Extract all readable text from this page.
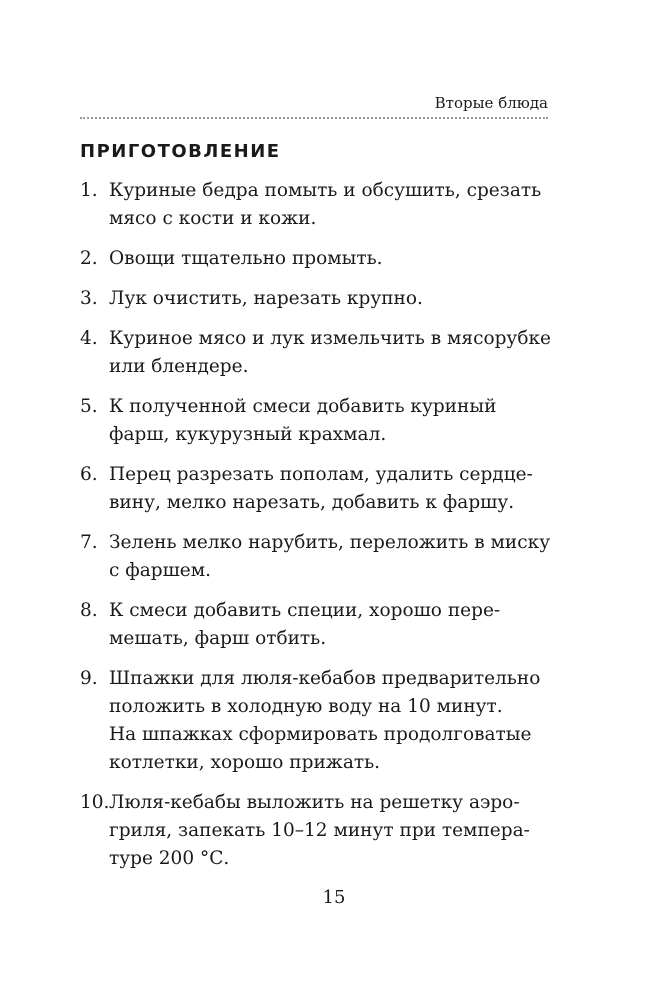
Вторые блюда
ПРИГОТОВЛЕНИЕ
1. Куриные бедра помыть и обсушить, срезать
мясо с кости и кожи.
2. Овощи тщательно промыть.
3. Лук очистить, нарезать крупно.
4. Куриное мясо и лук измельчить в мясорубке
или блендере.
5. К полученной смеси добавить куриный
фарш, кукурузный крахмал.
6. Перец разрезать пополам, удалить сердце-
вину, мелко нарезать, добавить к фаршу.
7. Зелень мелко нарубить, переложить в миску
с фаршем.
8. К смеси добавить специи, хорошо пере-
мешать, фарш отбить.
9. Шпажки для люля-кебабов предварительно
положить в холодную воду на 10 минут.
На шпажках сформировать продолговатые
котлетки, хорошо прижать.
10. Люля-кебабы выложить на решетку аэро-
гриля, запекать 10–12 минут при темпера-
туре 200 °С.
15
